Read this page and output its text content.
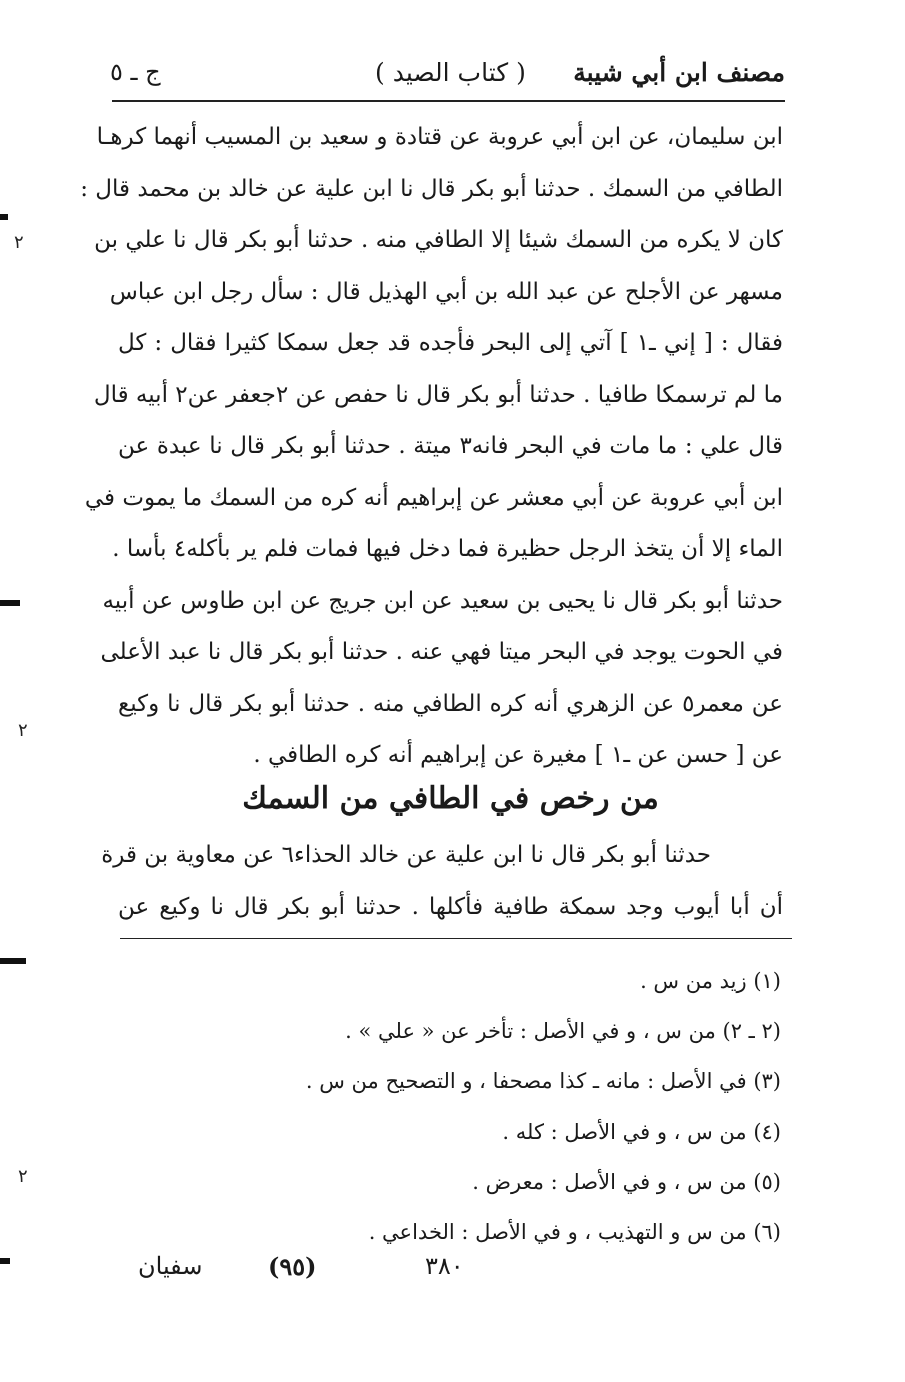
مصنف ابن أبي شيبة
( كتاب الصيد )
ج ـ ٥
ابن سليمان، عن ابن أبي عروبة عن قتادة و سعيد بن المسيب أنهما كرهـا
الطافي من السمك . حدثنا أبو بكر قال نا ابن علية عن خالد بن محمد قال :
كان لا يكره من السمك شيئا إلا الطافي منه . حدثنا أبو بكر قال نا علي بن
مسهر عن الأجلح عن عبد الله بن أبي الهذيل قال : سأل رجل ابن عباس
فقال : [ إني ـ١ ] آتي إلى البحر فأجده قد جعل سمكا كثيرا فقال : كل
ما لم ترسمكا طافيا . حدثنا أبو بكر قال نا حفص عن ٢جعفر عن٢ أبيه قال
قال علي : ما مات في البحر فانه٣ ميتة . حدثنا أبو بكر قال نا عبدة عن
ابن أبي عروبة عن أبي معشر عن إبراهيم أنه كره من السمك ما يموت في
الماء إلا أن يتخذ الرجل حظيرة فما دخل فيها فمات فلم ير بأكله٤ بأسا .
حدثنا أبو بكر قال نا يحيى بن سعيد عن ابن جريج عن ابن طاوس عن أبيه
في الحوت يوجد في البحر ميتا فهي عنه . حدثنا أبو بكر قال نا عبد الأعلى
عن معمر٥ عن الزهري أنه كره الطافي منه . حدثنا أبو بكر قال نا وكيع
عن [ حسن عن ـ١ ] مغيرة عن إبراهيم أنه كره الطافي .
من رخص في الطافي من السمك
حدثنا أبو بكر قال نا ابن علية عن خالد الحذاء٦ عن معاوية بن قرة
أن أبا أيوب وجد سمكة طافية فأكلها . حدثنا أبو بكر قال نا وكيع عن
(١) زيد من س .
(٢ ـ ٢) من س ، و في الأصل : تأخر عن « علي » .
(٣) في الأصل : مانه ـ كذا مصحفا ، و التصحيح من س .
(٤) من س ، و في الأصل : كله .
(٥) من س ، و في الأصل : معرض .
(٦) من س و التهذيب ، و في الأصل : الخداعي .
سفيان	(٩٥)	٣٨٠
٢
٢
٢
